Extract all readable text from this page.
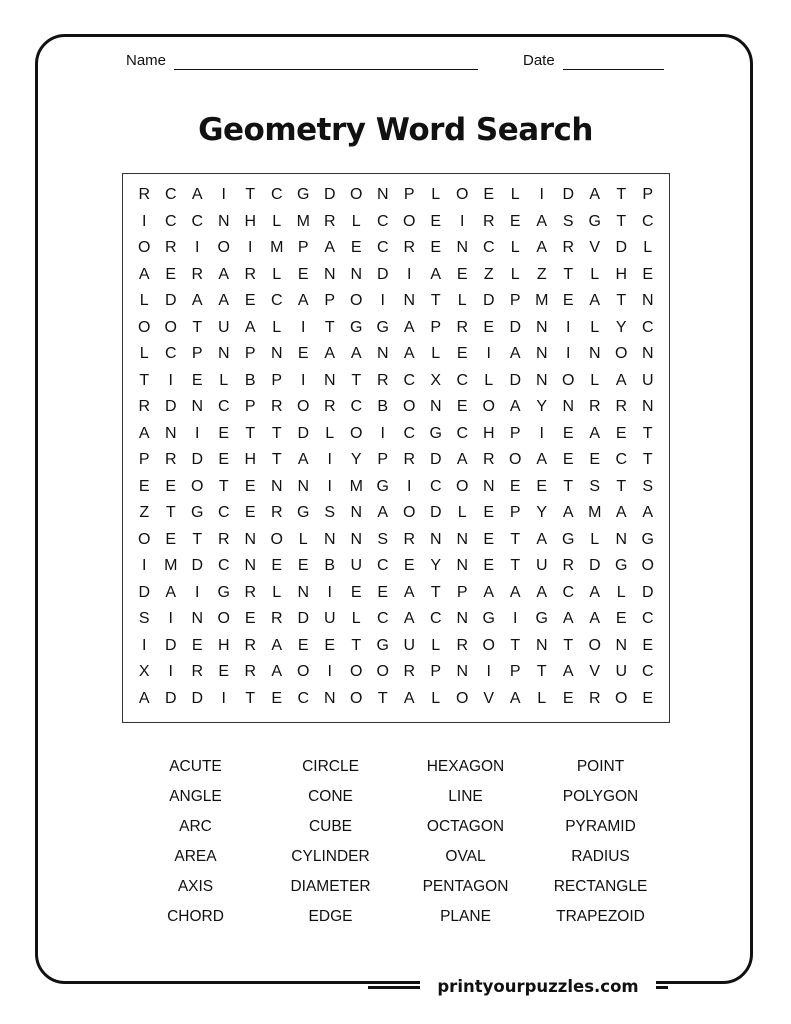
Name	Date
Geometry Word Search
R C A	I	T C G D O N P	L O E	L	I	D A	T	P
I	C C N H	L M R	L	C O E	I	R E A S G T C
O R	I	O	I	M P A E C R E N C	L	A R V D	L
A E R A R	L	E N N D	I	A E	Z	L	Z	T	L	H E
L	D A A E C A P O	I	N T	L	D P M E A	T N
O O T U A	L	I	T G G A P R E D N	I	L	Y C
L	C P N P N E A A N A	L	E	I	A N	I	N O N
T	I	E	L	B P	I	N T R C X C	L	D N O L	A U
R D N C P R O R C B O N E O A Y N R R N
A N	I	E	T	T D	L O	I	C G C H P	I	E A E	T
P R D E H T	A	I	Y P R D A R O A E E C T
E E O T	E N N	I	M G	I	C O N E E	T	S	T	S
Z	T G C E R G S N A O D	L	E P Y A M A A
O E	T R N O L	N N S R N N E	T	A G L	N G
I	M D C N E E B U C E Y N E	T U R D G O
D A	I	G R	L	N	I	E E A	T	P A A A C A	L	D
S	I	N O E R D U	L	C A C N G	I	G A A E C
I	D E H R A E E	T G U	L	R O T N T O N E
X	I	R E R A O	I	O O R P N	I	P	T	A V U C
A D D	I	T	E C N O T	A	L O V A	L	E R O E
ACUTE	CIRCLE	HEXAGON	POINT
ANGLE	CONE	LINE	POLYGON
ARC	CUBE	OCTAGON	PYRAMID
AREA	CYLINDER	OVAL	RADIUS
AXIS	DIAMETER	PENTAGON	RECTANGLE
CHORD	EDGE	PLANE	TRAPEZOID
printyourpuzzles.com
